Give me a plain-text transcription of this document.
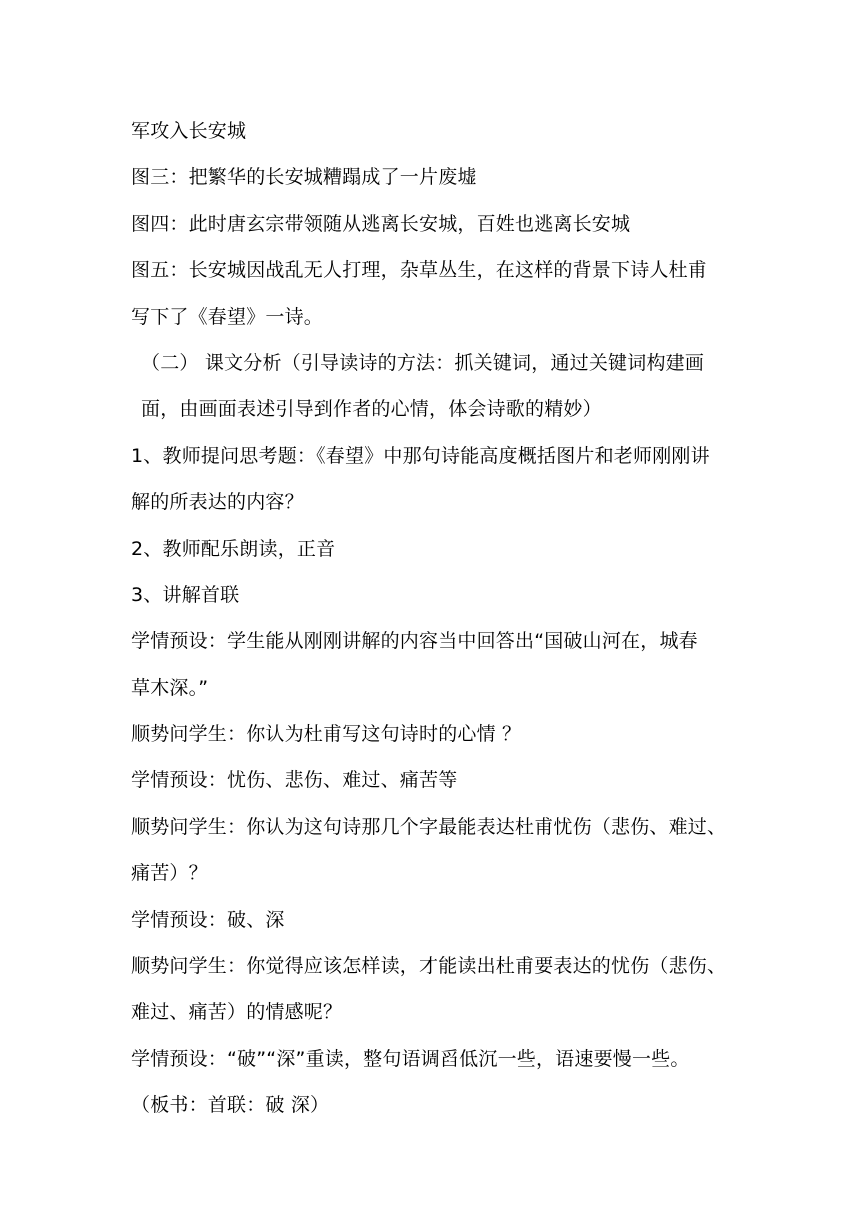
军攻入长安城
图三：把繁华的长安城糟蹋成了一片废墟
图四：此时唐玄宗带领随从逃离长安城，百姓也逃离长安城
图五：长安城因战乱无人打理，杂草丛生，在这样的背景下诗人杜甫
写下了《春望》一诗。
（二） 课文分析（引导读诗的方法：抓关键词，通过关键词构建画
面，由画面表述引导到作者的心情，体会诗歌的精妙）
1、教师提问思考题：《春望》中那句诗能高度概括图片和老师刚刚讲
解的所表达的内容？
2、教师配乐朗读，正音
3、讲解首联
学情预设：学生能从刚刚讲解的内容当中回答出“国破山河在，城春
草木深。”
顺势问学生：你认为杜甫写这句诗时的心情 ？
学情预设：忧伤、悲伤、难过、痛苦等
顺势问学生：你认为这句诗那几个字最能表达杜甫忧伤（悲伤、难过、
痛苦）？
学情预设：破、深
顺势问学生：你觉得应该怎样读，才能读出杜甫要表达的忧伤（悲伤、
难过、痛苦）的情感呢？
学情预设：“破”“深”重读，整句语调舀低沉一些，语速要慢一些。
（板书：首联：破 深）
